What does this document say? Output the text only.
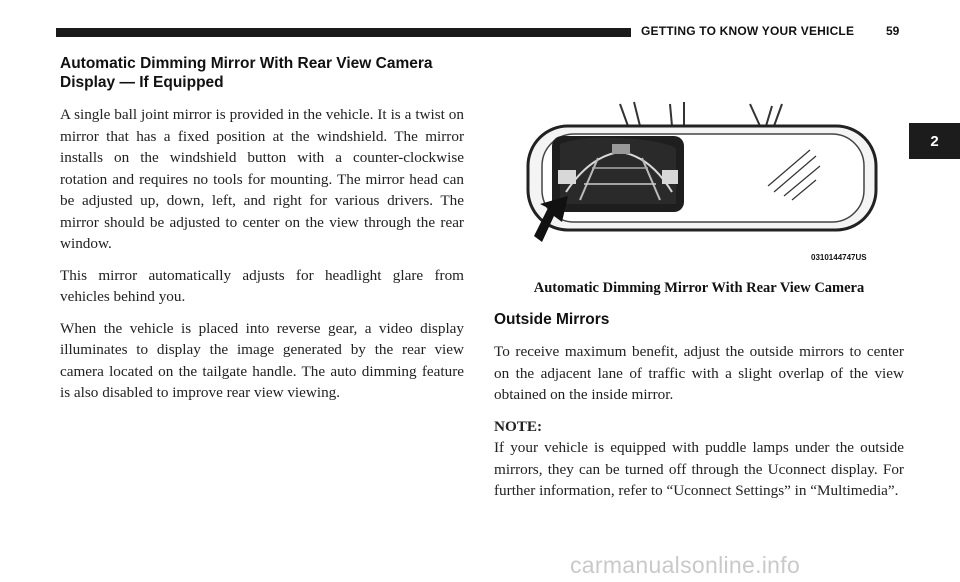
GETTING TO KNOW YOUR VEHICLE	59
2
Automatic Dimming Mirror With Rear View Camera Display — If Equipped

A single ball joint mirror is provided in the vehicle. It is a twist on mirror that has a fixed position at the windshield. The mirror installs on the windshield button with a counter-clockwise rotation and requires no tools for mounting. The mirror head can be adjusted up, down, left, and right for various drivers. The mirror should be adjusted to center on the view through the rear window.

This mirror automatically adjusts for headlight glare from vehicles behind you.

When the vehicle is placed into reverse gear, a video display illuminates to display the image generated by the rear view camera located on the tailgate handle. The auto dimming feature is also disabled to improve rear view viewing.

0310144747US
Automatic Dimming Mirror With Rear View Camera
Outside Mirrors

To receive maximum benefit, adjust the outside mirrors to center on the adjacent lane of traffic with a slight overlap of the view obtained on the inside mirror.

NOTE:

If your vehicle is equipped with puddle lamps under the outside mirrors, they can be turned off through the Uconnect display. For further information, refer to “Uconnect Settings” in “Multimedia”.

carmanualsonline.info
